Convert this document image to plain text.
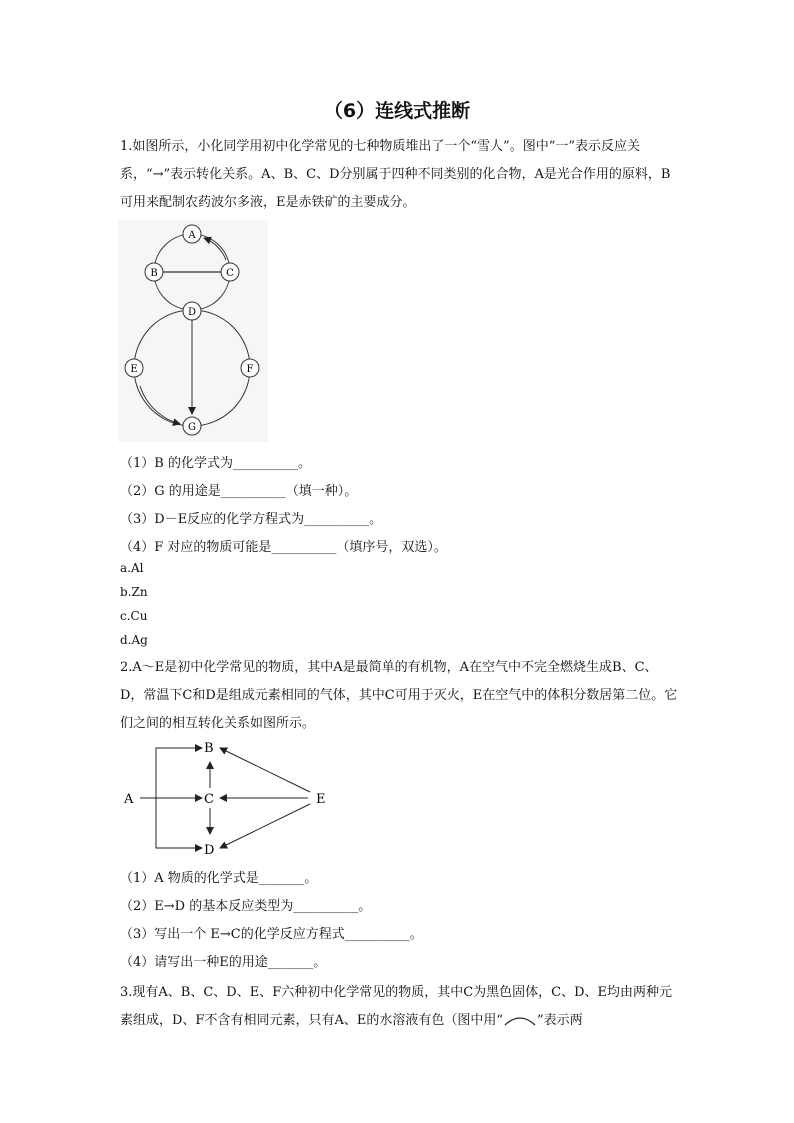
（6）连线式推断
1.如图所示，小化同学用初中化学常见的七种物质堆出了一个“雪人”。图中“一”表示反应关系，“→”表示转化关系。A、B、C、D分别属于四种不同类别的化合物，A是光合作用的原料，B可用来配制农药波尔多液，E是赤铁矿的主要成分。
A
B	C
D
E	F
G
（1）B 的化学式为__________。
（2）G 的用途是__________（填一种）。
（3）D－E反应的化学方程式为__________。
（4）F 对应的物质可能是__________（填序号，双选）。
a.Al
b.Zn
c.Cu
d.Ag
2.A～E是初中化学常见的物质，其中A是最简单的有机物，A在空气中不完全燃烧生成B、C、D，常温下C和D是组成元素相同的气体，其中C可用于灭火，E在空气中的体积分数居第二位。它们之间的相互转化关系如图所示。
A
B
C
D
E
（1）A 物质的化学式是_______。
（2）E→D 的基本反应类型为__________。
（3）写出一个 E→C的化学反应方程式__________。
（4）请写出一种E的用途_______。
3.现有A、B、C、D、E、F六种初中化学常见的物质，其中C为黑色固体，C、D、E均由两种元素组成，D、F不含有相同元素，只有A、E的水溶液有色（图中用“	”表示两
